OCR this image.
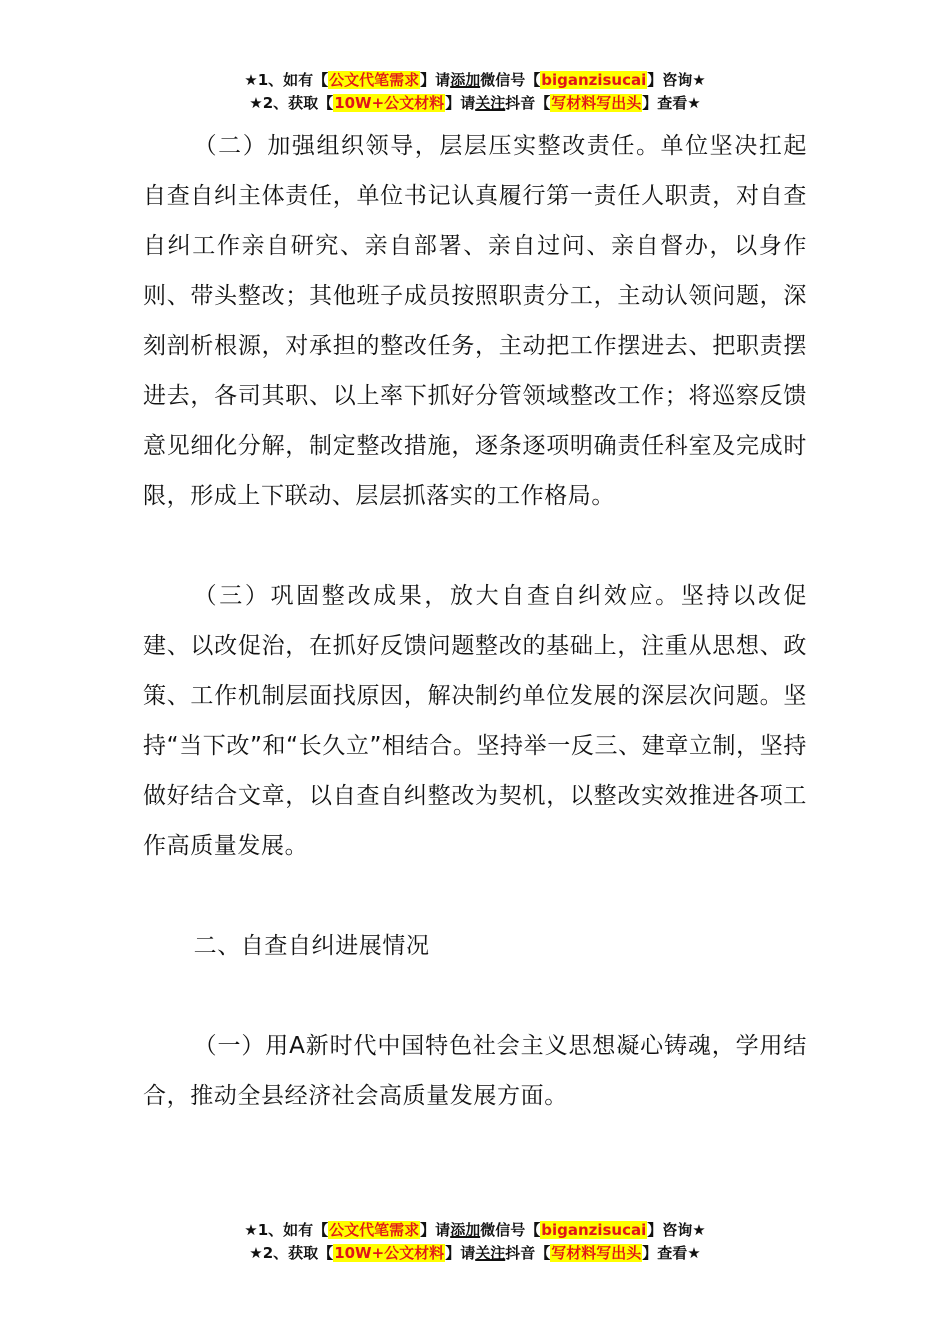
★1、如有【公文代笔需求】请添加微信号【biganzisucai】咨询★
★2、获取【10W+公文材料】请关注抖音【写材料写出头】查看★

（二）加强组织领导，层层压实整改责任。单位坚决扛起自查自纠主体责任，单位书记认真履行第一责任人职责，对自查自纠工作亲自研究、亲自部署、亲自过问、亲自督办，以身作则、带头整改；其他班子成员按照职责分工，主动认领问题，深刻剖析根源，对承担的整改任务，主动把工作摆进去、把职责摆进去，各司其职、以上率下抓好分管领域整改工作；将巡察反馈意见细化分解，制定整改措施，逐条逐项明确责任科室及完成时限，形成上下联动、层层抓落实的工作格局。

（三）巩固整改成果，放大自查自纠效应。坚持以改促建、以改促治，在抓好反馈问题整改的基础上，注重从思想、政策、工作机制层面找原因，解决制约单位发展的深层次问题。坚持“当下改”和“长久立”相结合。坚持举一反三、建章立制，坚持做好结合文章，以自查自纠整改为契机，以整改实效推进各项工作高质量发展。

二、自查自纠进展情况

（一）用A新时代中国特色社会主义思想凝心铸魂，学用结合，推动全县经济社会高质量发展方面。

★1、如有【公文代笔需求】请添加微信号【biganzisucai】咨询★
★2、获取【10W+公文材料】请关注抖音【写材料写出头】查看★
